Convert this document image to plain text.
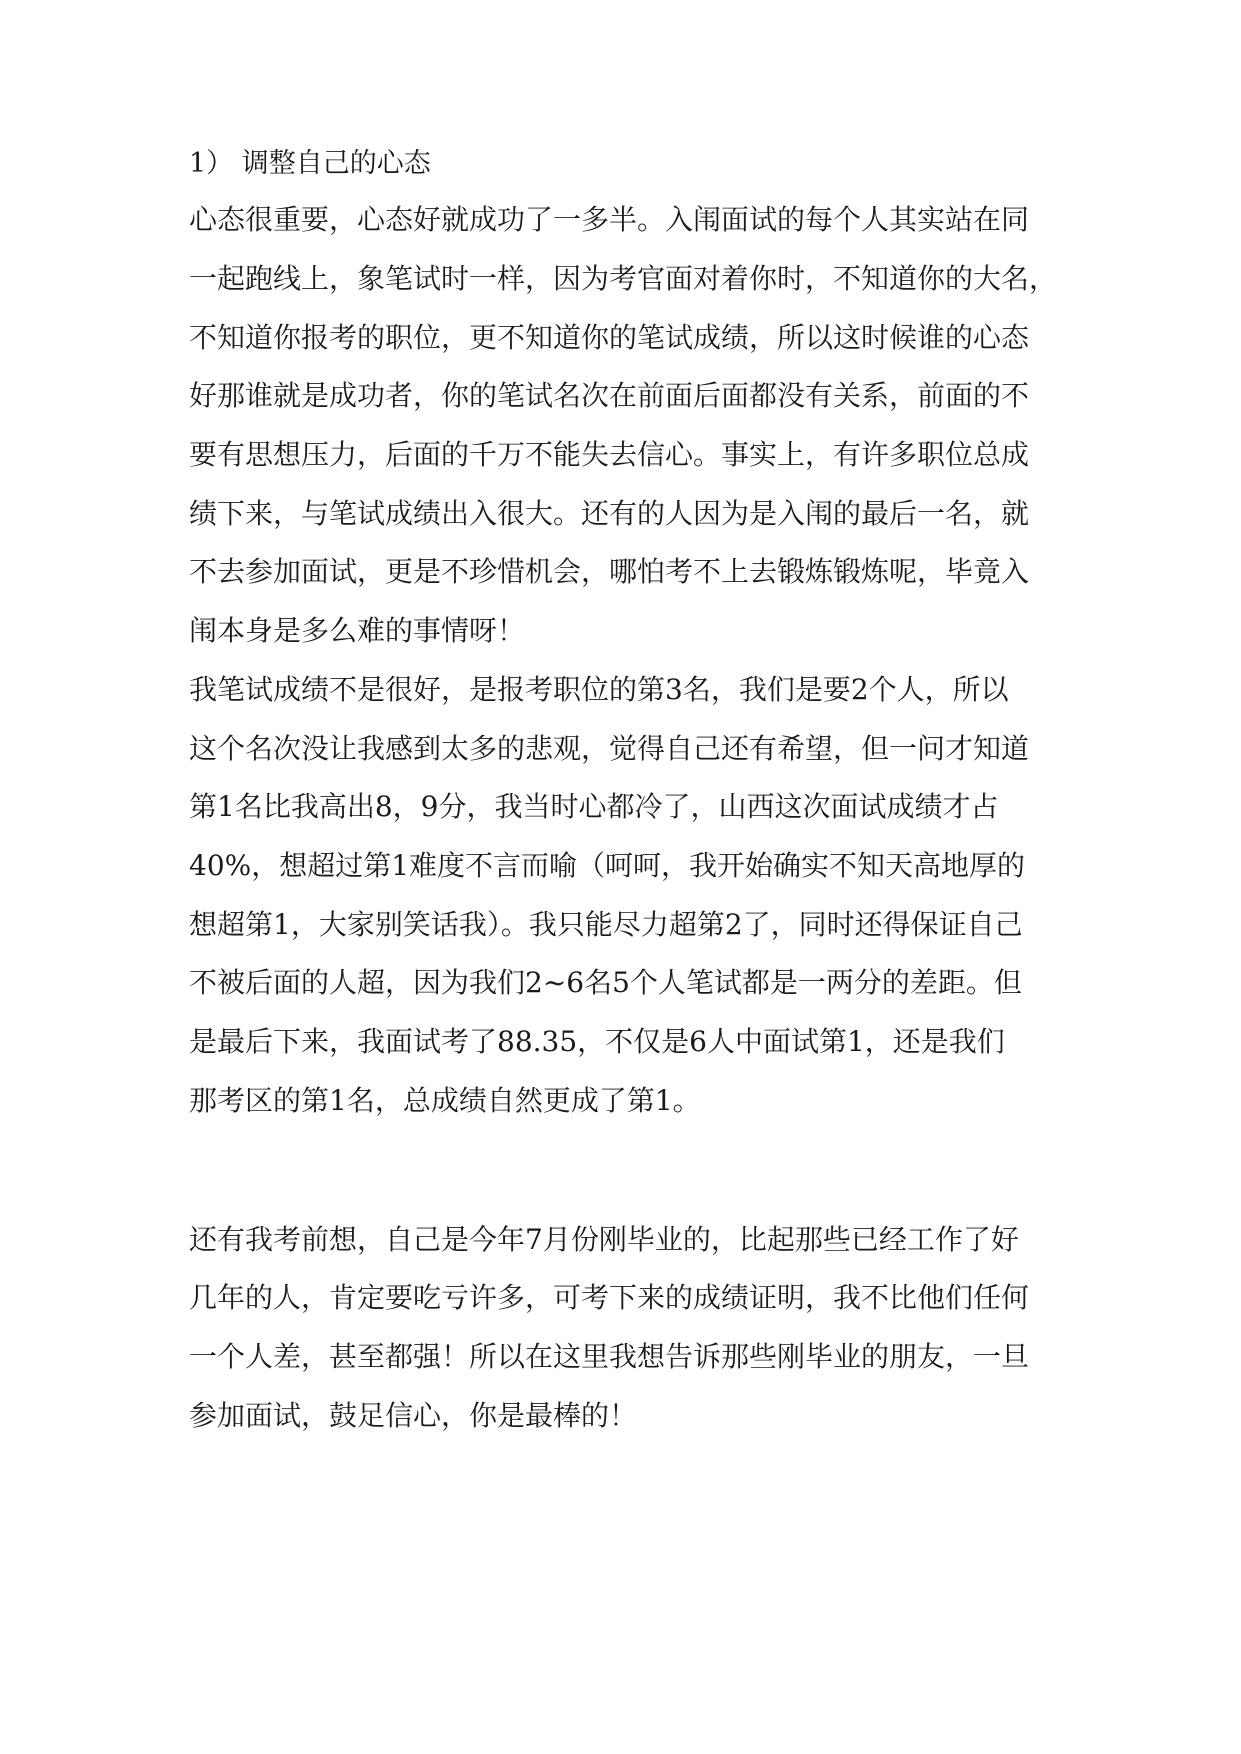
1） 调整自己的心态
心态很重要，心态好就成功了一多半。入闱面试的每个人其实站在同
一起跑线上，象笔试时一样，因为考官面对着你时，不知道你的大名，
不知道你报考的职位，更不知道你的笔试成绩，所以这时候谁的心态
好那谁就是成功者，你的笔试名次在前面后面都没有关系，前面的不
要有思想压力，后面的千万不能失去信心。事实上，有许多职位总成
绩下来，与笔试成绩出入很大。还有的人因为是入闱的最后一名，就
不去参加面试，更是不珍惜机会，哪怕考不上去锻炼锻炼呢，毕竟入
闱本身是多么难的事情呀！
我笔试成绩不是很好，是报考职位的第3名，我们是要2个人，所以
这个名次没让我感到太多的悲观，觉得自己还有希望，但一问才知道
第1名比我高出8，9分，我当时心都冷了，山西这次面试成绩才占
40%，想超过第1难度不言而喻（呵呵，我开始确实不知天高地厚的
想超第1，大家别笑话我）。我只能尽力超第2了，同时还得保证自己
不被后面的人超，因为我们2~6名5个人笔试都是一两分的差距。但
是最后下来，我面试考了88.35，不仅是6人中面试第1，还是我们
那考区的第1名，总成绩自然更成了第1。
还有我考前想，自己是今年7月份刚毕业的，比起那些已经工作了好
几年的人，肯定要吃亏许多，可考下来的成绩证明，我不比他们任何
一个人差，甚至都强！所以在这里我想告诉那些刚毕业的朋友，一旦
参加面试，鼓足信心，你是最棒的！
